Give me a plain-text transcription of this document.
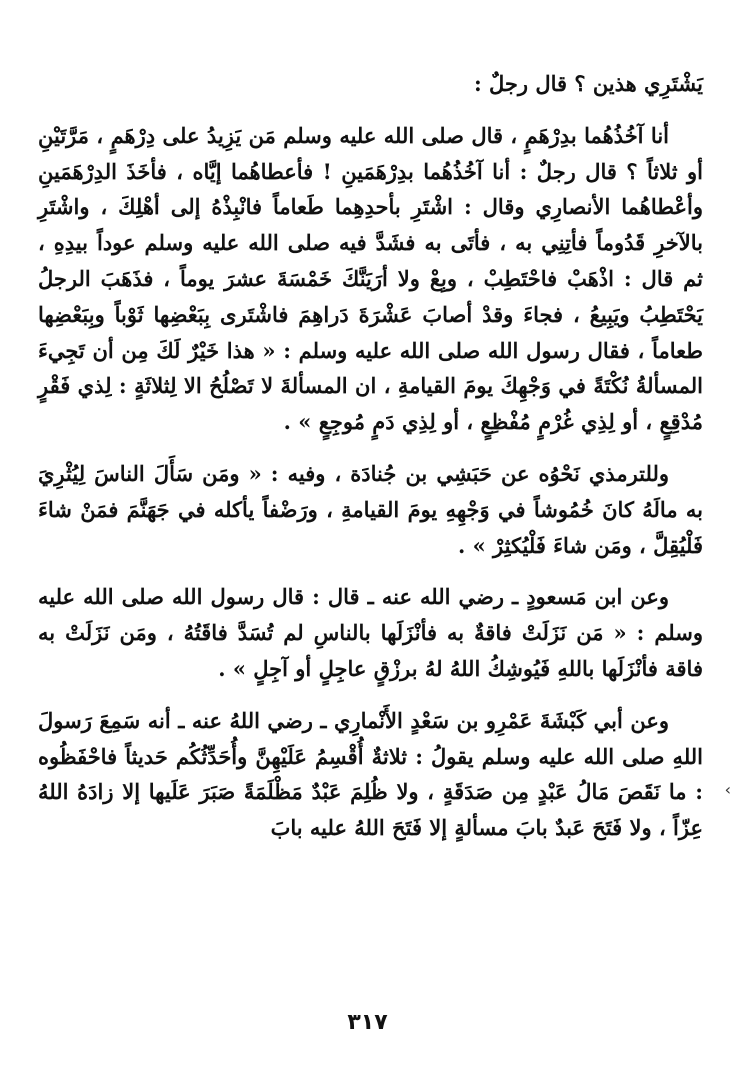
يَشْتَرِي هذين ؟ قال رجلٌ :

أنا آخُذُهُما بدِرْهَمٍ ، قال صلى الله عليه وسلم مَن يَزِيدُ على دِرْهَمٍ ، مَرَّتَيْنِ أو ثلاثاً ؟ قال رجلٌ : أنا آخُذُهُما بدِرْهَمَينِ ! فأعطاهُما إيَّاه ، فأخَذَ الدِرْهَمَينِ وأعْطاهُما الأنصارِي وقال : اشْتَرِ بأحدِهِما طَعاماً فانْبِذْهُ إلى أهْلِكَ ، واشْتَرِ بالآخرِ قَدُوماً فأتِنِي به ، فأتَى به فشَدَّ فيه صلى الله عليه وسلم عوداً بيدِهِ ، ثم قال : اذْهَبْ فاحْتَطِبْ ، وبِعْ ولا أرَيَنَّكَ خَمْسَةَ عشرَ يوماً ، فذَهَبَ الرجلُ يَحْتَطِبُ ويَبِيعُ ، فجاءَ وقدْ أصابَ عَشْرَةَ دَراهِمَ فاشْتَرى بِبَعْضِها ثَوْباً وبِبَعْضِها طعاماً ، فقال رسول الله صلى الله عليه وسلم : « هذا خَيْرٌ لَكَ مِن أن تَجِيءَ المسألةُ نُكْتَةً في وَجْهِكَ يومَ القيامةِ ، ان المسألةَ لا تَصْلُحُ الا لِثلاثَةٍ : لِذي فَقْرٍ مُدْقِعٍ ، أو لِذِي غُرْمٍ مُفْظِعٍ ، أو لِذِي دَمٍ مُوجِعٍ » .

وللترمذي نَحْوُه عن حَبَشِي بن جُنادَة ، وفيه : « ومَن سَأَلَ الناسَ لِيُثْرِيَ به مالَهُ كانَ خُمُوشاً في وَجْهِهِ يومَ القيامةِ ، ورَضْفاً يأكله في جَهَنَّمَ فمَنْ شاءَ فَلْيُقِلَّ ، ومَن شاءَ فَلْيُكثِرْ » .

وعن ابن مَسعودٍ ـ رضي الله عنه ـ قال : قال رسول الله صلى الله عليه وسلم : « مَن نَزَلَتْ فاقةٌ به فأنْزَلَها بالناسِ لم تُسَدَّ فاقَتُهُ ، ومَن نَزَلَتْ به فاقة فأنْزَلَها باللهِ فَيُوشِكُ اللهُ لهُ برزْقٍ عاجِلٍ أو آجِلٍ » .

وعن أبي كَبْشَةَ عَمْرِو بن سَعْدٍ الأَنْمارِي ـ رضي اللهُ عنه ـ أنه سَمِعَ رَسولَ اللهِ صلى الله عليه وسلم يقولُ : ثلاثةٌ أُقْسِمُ عَلَيْهِنَّ وأُحَدِّثُكُم حَديثاً فاحْفَظُوه : ما نَقَصَ مَالُ عَبْدٍ مِن صَدَقَةٍ ، ولا ظُلِمَ عَبْدٌ مَظْلَمَةً صَبَرَ عَلَيها إلا زادَهُ اللهُ عِزّاً ، ولا فَتَحَ عَبدٌ بابَ مسألةٍ إلا فَتَحَ اللهُ عليه بابَ

‹
٣١٧
